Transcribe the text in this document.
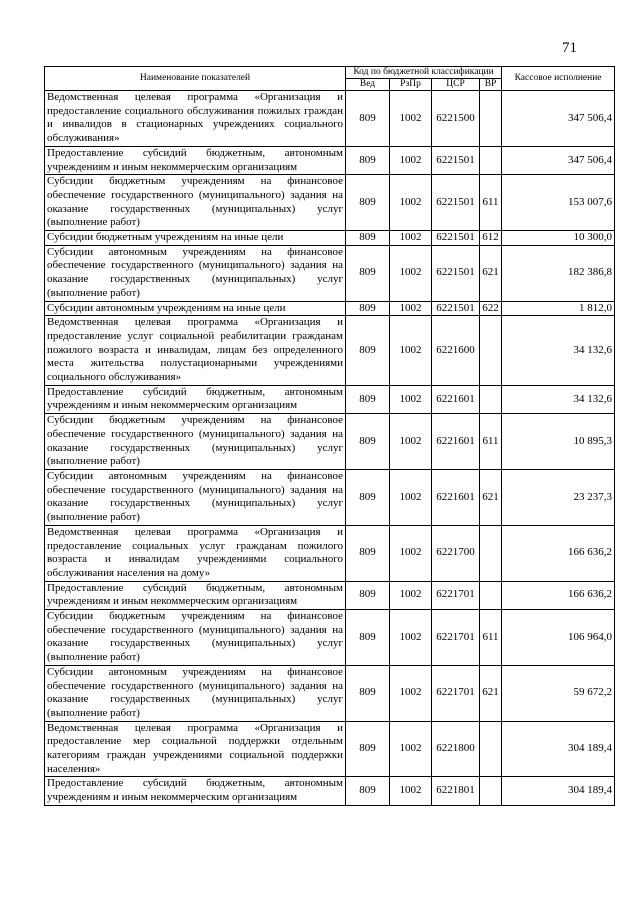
71
Наименование показателей	Код по бюджетной классификации				Кассовое исполнение
	Вед	РзПр	ЦСР	ВР	
Ведомственная целевая программа «Организация и предоставление социального обслуживания пожилых граждан и инвалидов в стационарных учреждениях социального обслуживания»	809	1002	6221500		347 506,4
Предоставление субсидий бюджетным, автономным учреждениям и иным некоммерческим организациям	809	1002	6221501		347 506,4
Субсидии бюджетным учреждениям на финансовое обеспечение государственного (муниципального) задания на оказание государственных (муниципальных) услуг (выполнение работ)	809	1002	6221501	611	153 007,6
Субсидии бюджетным учреждениям на иные цели	809	1002	6221501	612	10 300,0
Субсидии автономным учреждениям на финансовое обеспечение государственного (муниципального) задания на оказание государственных (муниципальных) услуг (выполнение работ)	809	1002	6221501	621	182 386,8
Субсидии автономным учреждениям на иные цели	809	1002	6221501	622	1 812,0
Ведомственная целевая программа «Организация и предоставление услуг социальной реабилитации гражданам пожилого возраста и инвалидам, лицам без определенного места жительства полустационарными учреждениями социального обслуживания»	809	1002	6221600		34 132,6
Предоставление субсидий бюджетным, автономным учреждениям и иным некоммерческим организациям	809	1002	6221601		34 132,6
Субсидии бюджетным учреждениям на финансовое обеспечение государственного (муниципального) задания на оказание государственных (муниципальных) услуг (выполнение работ)	809	1002	6221601	611	10 895,3
Субсидии автономным учреждениям на финансовое обеспечение государственного (муниципального) задания на оказание государственных (муниципальных) услуг (выполнение работ)	809	1002	6221601	621	23 237,3
Ведомственная целевая программа «Организация и предоставление социальных услуг гражданам пожилого возраста и инвалидам учреждениями социального обслуживания населения на дому»	809	1002	6221700		166 636,2
Предоставление субсидий бюджетным, автономным учреждениям и иным некоммерческим организациям	809	1002	6221701		166 636,2
Субсидии бюджетным учреждениям на финансовое обеспечение государственного (муниципального) задания на оказание государственных (муниципальных) услуг (выполнение работ)	809	1002	6221701	611	106 964,0
Субсидии автономным учреждениям на финансовое обеспечение государственного (муниципального) задания на оказание государственных (муниципальных) услуг (выполнение работ)	809	1002	6221701	621	59 672,2
Ведомственная целевая программа «Организация и предоставление мер социальной поддержки отдельным категориям граждан учреждениями социальной поддержки населения»	809	1002	6221800		304 189,4
Предоставление субсидий бюджетным, автономным учреждениям и иным некоммерческим организациям	809	1002	6221801		304 189,4
